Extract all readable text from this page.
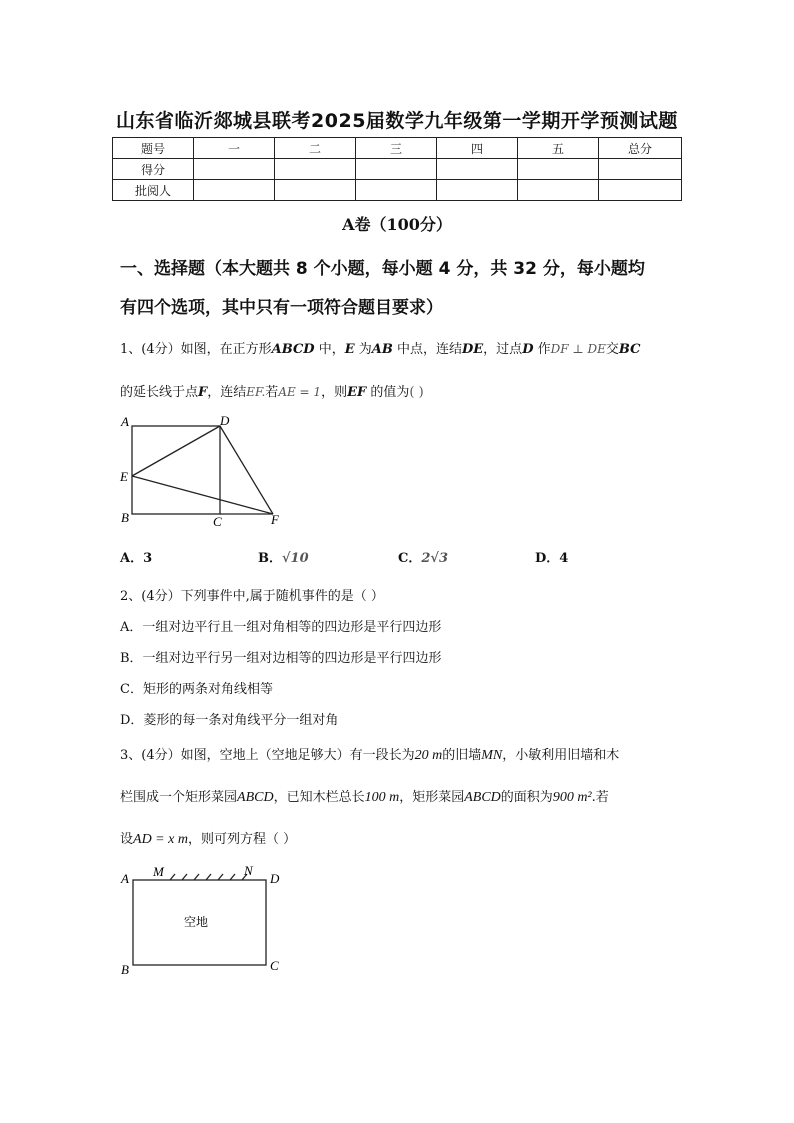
山东省临沂郯城县联考2025届数学九年级第一学期开学预测试题
题号	一	二	三	四	五	总分
得分						
批阅人						
A卷（100分）
一、选择题（本大题共 8 个小题，每小题 4 分，共 32 分，每小题均
有四个选项，其中只有一项符合题目要求）
1、(4分）如图，在正方形ABCD 中，E 为AB 中点，连结DE，过点D 作DF ⊥ DE交BC
的延长线于点F，连结EF.若AE = 1，则EF 的值为( )
A	D
E
B	C	F
A．3	B．√10	C．2√3	D．4
2、(4分）下列事件中,属于随机事件的是（ ）
A．一组对边平行且一组对角相等的四边形是平行四边形
B．一组对边平行另一组对边相等的四边形是平行四边形
C．矩形的两条对角线相等
D．菱形的每一条对角线平分一组对角
3、(4分）如图，空地上（空地足够大）有一段长为20 m的旧墙MN，小敏利用旧墙和木
栏围成一个矩形菜园ABCD，已知木栏总长100 m，矩形菜园ABCD的面积为900 m².若
设AD = x m，则可列方程（ ）
A M	N
D
B	C
空地
